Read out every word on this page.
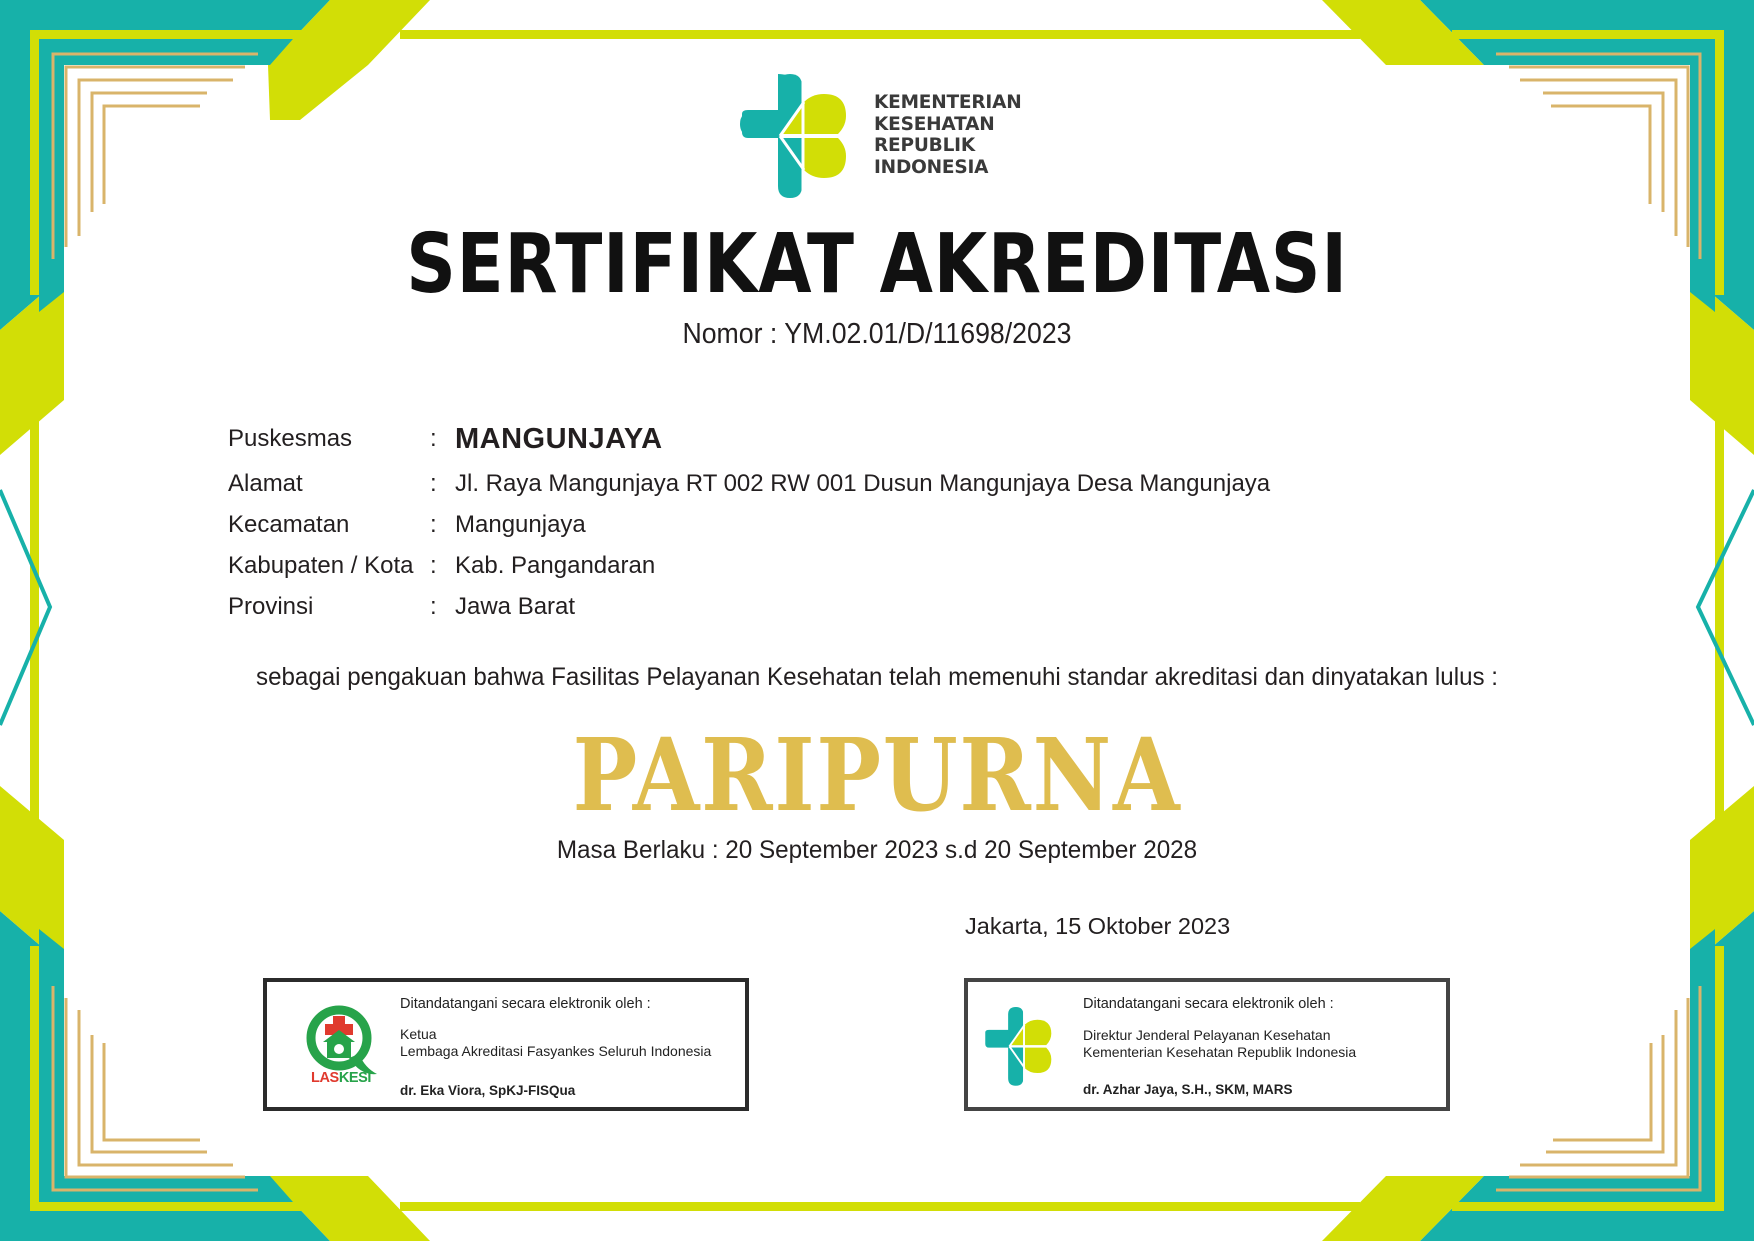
KEMENTERIAN
KESEHATAN
REPUBLIK
INDONESIA
SERTIFIKAT AKREDITASI
Nomor : YM.02.01/D/11698/2023
Puskesmas	: MANGUNJAYA
Alamat	: Jl. Raya Mangunjaya RT 002 RW 001 Dusun Mangunjaya Desa Mangunjaya
Kecamatan	: Mangunjaya
Kabupaten / Kota : Kab. Pangandaran
Provinsi	: Jawa Barat
sebagai pengakuan bahwa Fasilitas Pelayanan Kesehatan telah memenuhi standar akreditasi dan dinyatakan lulus :
PARIPURNA
Masa Berlaku : 20 September 2023 s.d 20 September 2028
Jakarta, 15 Oktober 2023
LASKESI
Ditandatangani secara elektronik oleh :
Ketua
Lembaga Akreditasi Fasyankes Seluruh Indonesia
dr. Eka Viora, SpKJ-FISQua
Ditandatangani secara elektronik oleh :
Direktur Jenderal Pelayanan Kesehatan
Kementerian Kesehatan Republik Indonesia
dr. Azhar Jaya, S.H., SKM, MARS
